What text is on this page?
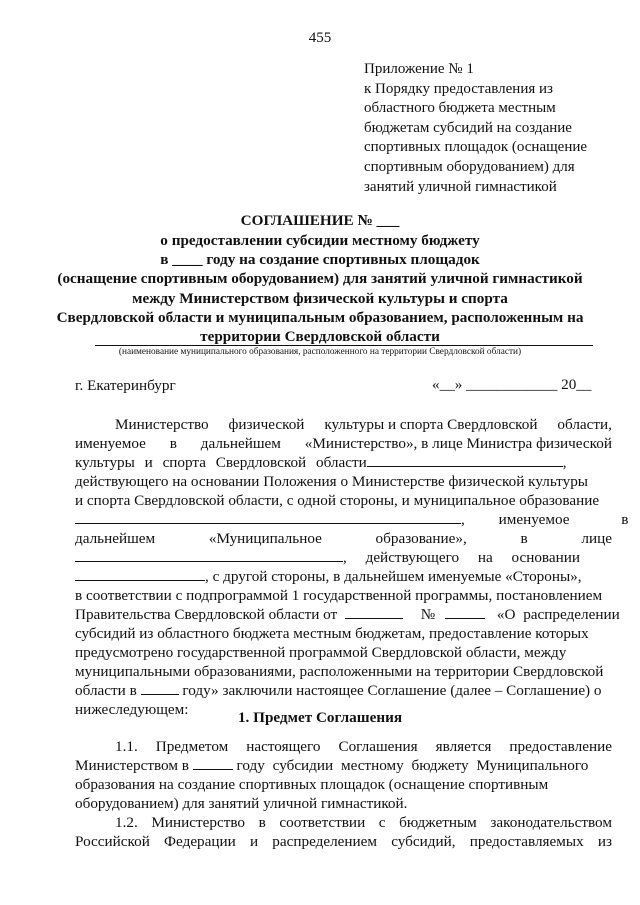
455
Приложение № 1
к Порядку предоставления из
областного бюджета местным
бюджетам субсидий на создание
спортивных площадок (оснащение
спортивным оборудованием) для
занятий уличной гимнастикой
СОГЛАШЕНИЕ № ___
о предоставлении субсидии местному бюджету
в ____ году на создание спортивных площадок
(оснащение спортивным оборудованием) для занятий уличной гимнастикой
между Министерством физической культуры и спорта
Свердловской области и муниципальным образованием, расположенным на
территории Свердловской области
(наименование муниципального образования, расположенного на территории Свердловской области)
г. Екатеринбург	«__» ____________ 20__
Министерство физической культуры и спорта Свердловской области,
именуемое в дальнейшем «Министерство», в лице Министра физической
культуры и спорта Свердловской области	,
действующего на основании Положения о Министерстве физической культуры
и спорта Свердловской области, с одной стороны, и муниципальное образование
, именуемое в
дальнейшем	«Муниципальное	образование»,	в	лице
, действующего на основании
, с другой стороны, в дальнейшем именуемые «Стороны»,
в соответствии с подпрограммой 1 государственной программы, постановлением
Правительства Свердловской области от	№	«О распределении
субсидий из областного бюджета местным бюджетам, предоставление которых
предусмотрено государственной программой Свердловской области, между
муниципальными образованиями, расположенными на территории Свердловской
области в	году» заключили настоящее Соглашение (далее – Соглашение) о
нижеследующем:	1. Предмет Соглашения
1.1. Предметом настоящего Соглашения является предоставление
Министерством в	году субсидии местному бюджету Муниципального
образования на создание спортивных площадок (оснащение спортивным
оборудованием) для занятий уличной гимнастикой.
1.2. Министерство в соответствии с бюджетным законодательством
Российской Федерации и распределением субсидий, предоставляемых из
